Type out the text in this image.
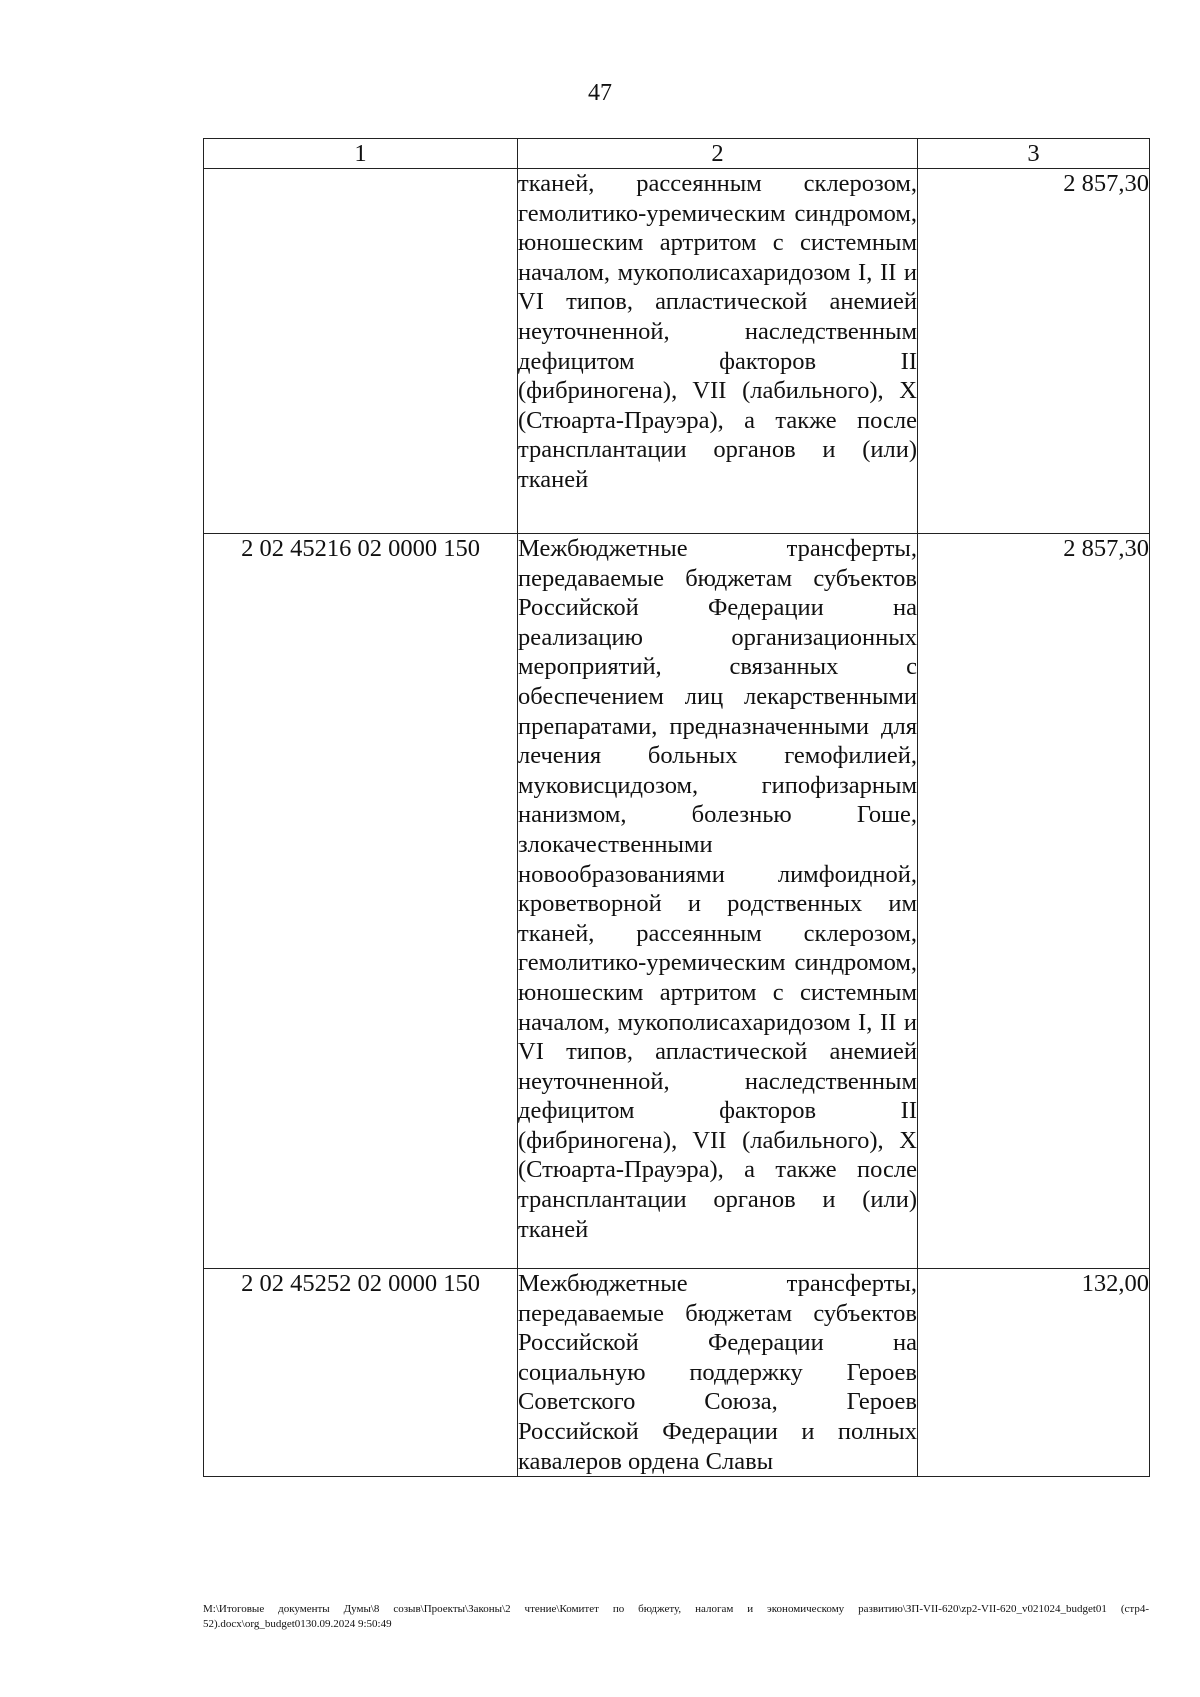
47
1	2	3
	тканей, рассеянным склерозом, гемолитико-уремическим синдромом, юношеским артритом с системным началом, мукополисахаридозом I, II и VI типов, апластической анемией неуточненной, наследственным дефицитом факторов II (фибриногена), VII (лабильного), X (Стюарта-Прауэра), а также после трансплантации органов и (или) тканей	2 857,30
2 02 45216 02 0000 150	Межбюджетные трансферты, передаваемые бюджетам субъектов Российской Федерации на реализацию организационных мероприятий, связанных с обеспечением лиц лекарственными препаратами, предназначенными для лечения больных гемофилией, муковисцидозом, гипофизарным нанизмом, болезнью Гоше, злокачественными новообразованиями лимфоидной, кроветворной и родственных им тканей, рассеянным склерозом, гемолитико-уремическим синдромом, юношеским артритом с системным началом, мукополисахаридозом I, II и VI типов, апластической анемией неуточненной, наследственным дефицитом факторов II (фибриногена), VII (лабильного), X (Стюарта-Прауэра), а также после трансплантации органов и (или) тканей	2 857,30
2 02 45252 02 0000 150	Межбюджетные трансферты, передаваемые бюджетам субъектов Российской Федерации на социальную поддержку Героев Советского Союза, Героев Российской Федерации и полных кавалеров ордена Славы	132,00
М:\Итоговые документы Думы\8 созыв\Проекты\Законы\2 чтение\Комитет по бюджету, налогам и экономическому развитию\ЗП-VII-620\zp2-VII-620_v021024_budget01 (стр4-52).docx\org_budget0130.09.2024 9:50:49
